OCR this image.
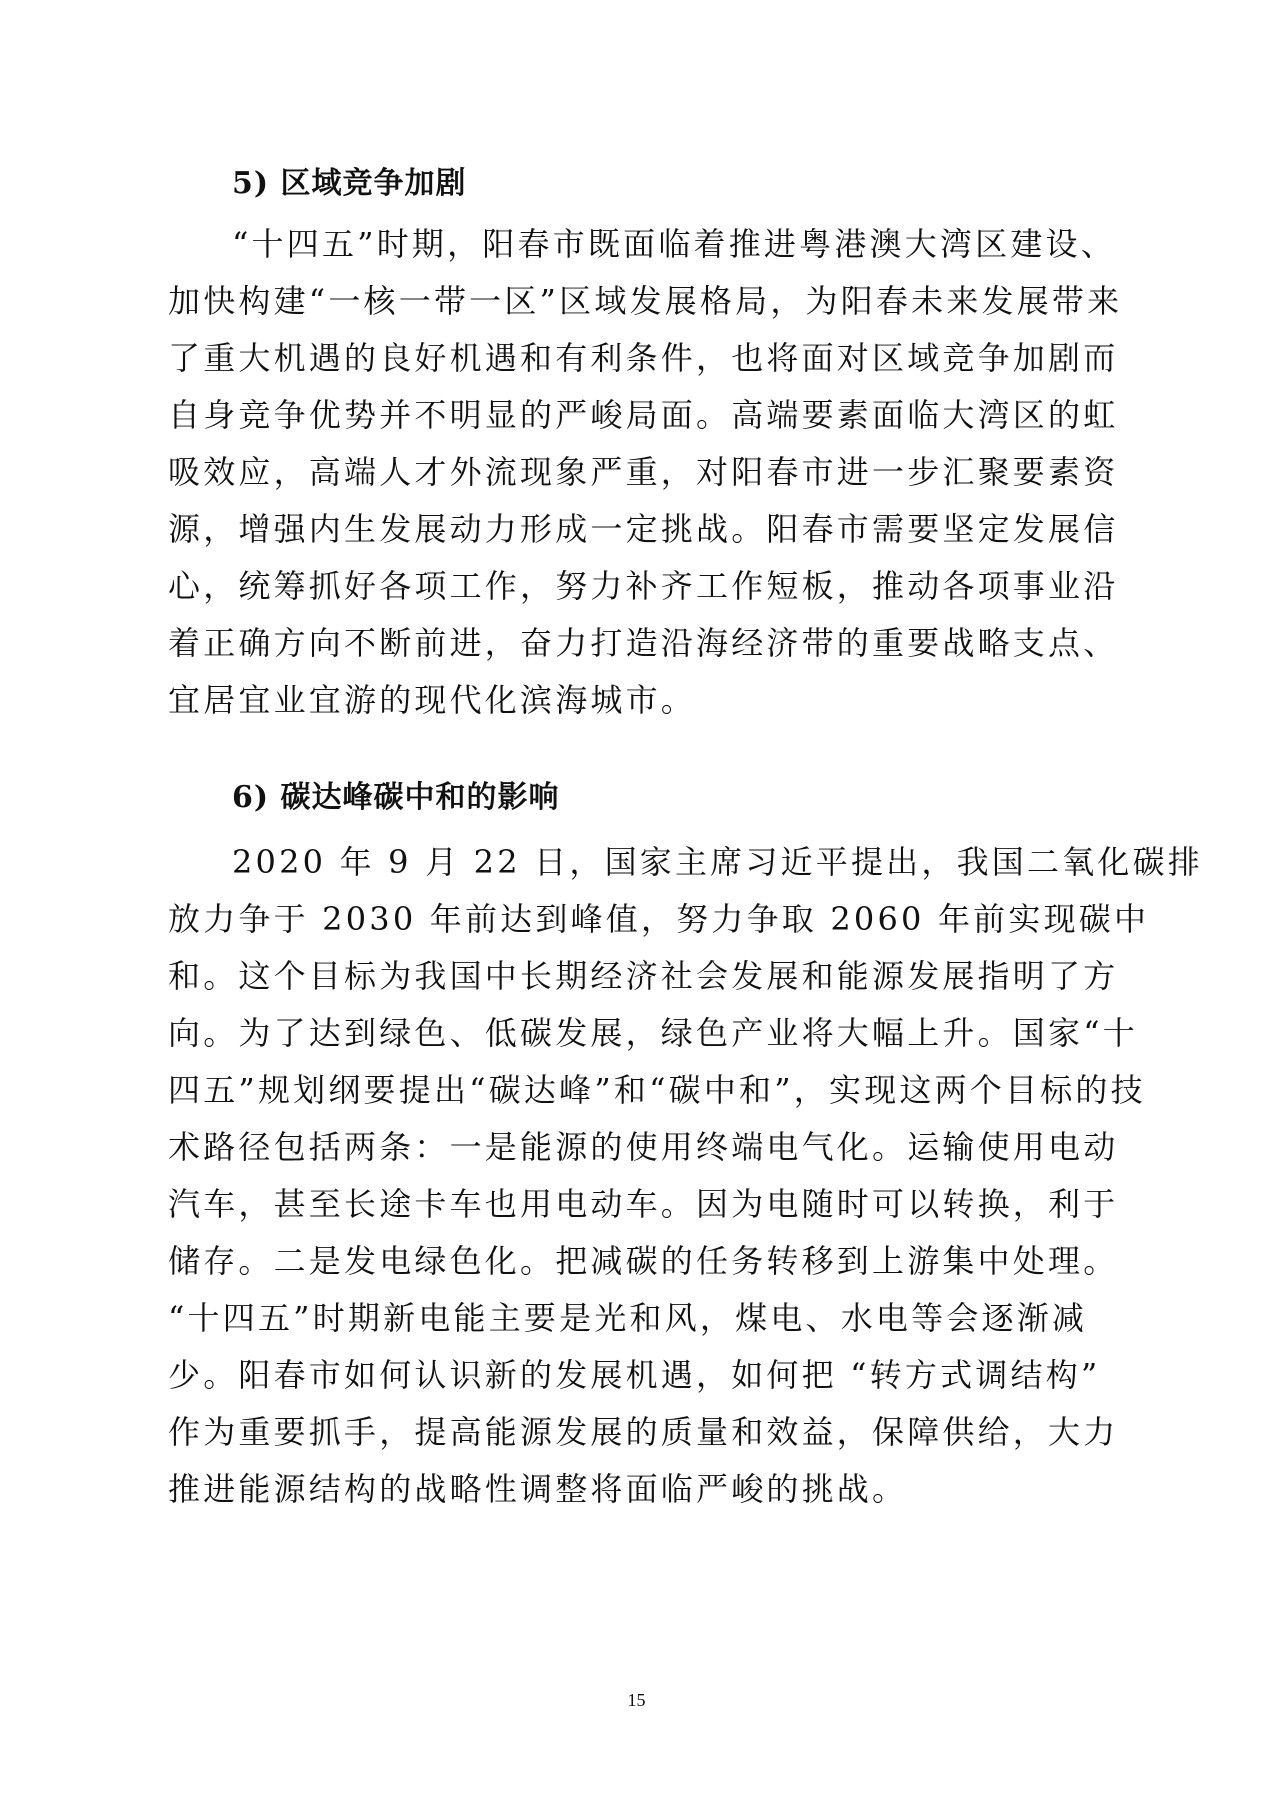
5) 区域竞争加剧
“十四五”时期，阳春市既面临着推进粤港澳大湾区建设、
加快构建“一核一带一区”区域发展格局，为阳春未来发展带来
了重大机遇的良好机遇和有利条件，也将面对区域竞争加剧而
自身竞争优势并不明显的严峻局面。高端要素面临大湾区的虹
吸效应，高端人才外流现象严重，对阳春市进一步汇聚要素资
源，增强内生发展动力形成一定挑战。阳春市需要坚定发展信
心，统筹抓好各项工作，努力补齐工作短板，推动各项事业沿
着正确方向不断前进，奋力打造沿海经济带的重要战略支点、
宜居宜业宜游的现代化滨海城市。
6) 碳达峰碳中和的影响
2020 年 9 月 22 日，国家主席习近平提出，我国二氧化碳排
放力争于 2030 年前达到峰值，努力争取 2060 年前实现碳中
和。这个目标为我国中长期经济社会发展和能源发展指明了方
向。为了达到绿色、低碳发展，绿色产业将大幅上升。国家“十
四五”规划纲要提出“碳达峰”和“碳中和”，实现这两个目标的技
术路径包括两条：一是能源的使用终端电气化。运输使用电动
汽车，甚至长途卡车也用电动车。因为电随时可以转换，利于
储存。二是发电绿色化。把减碳的任务转移到上游集中处理。
“十四五”时期新电能主要是光和风，煤电、水电等会逐渐减
少。阳春市如何认识新的发展机遇，如何把 “转方式调结构”
作为重要抓手，提高能源发展的质量和效益，保障供给，大力
推进能源结构的战略性调整将面临严峻的挑战。
15
